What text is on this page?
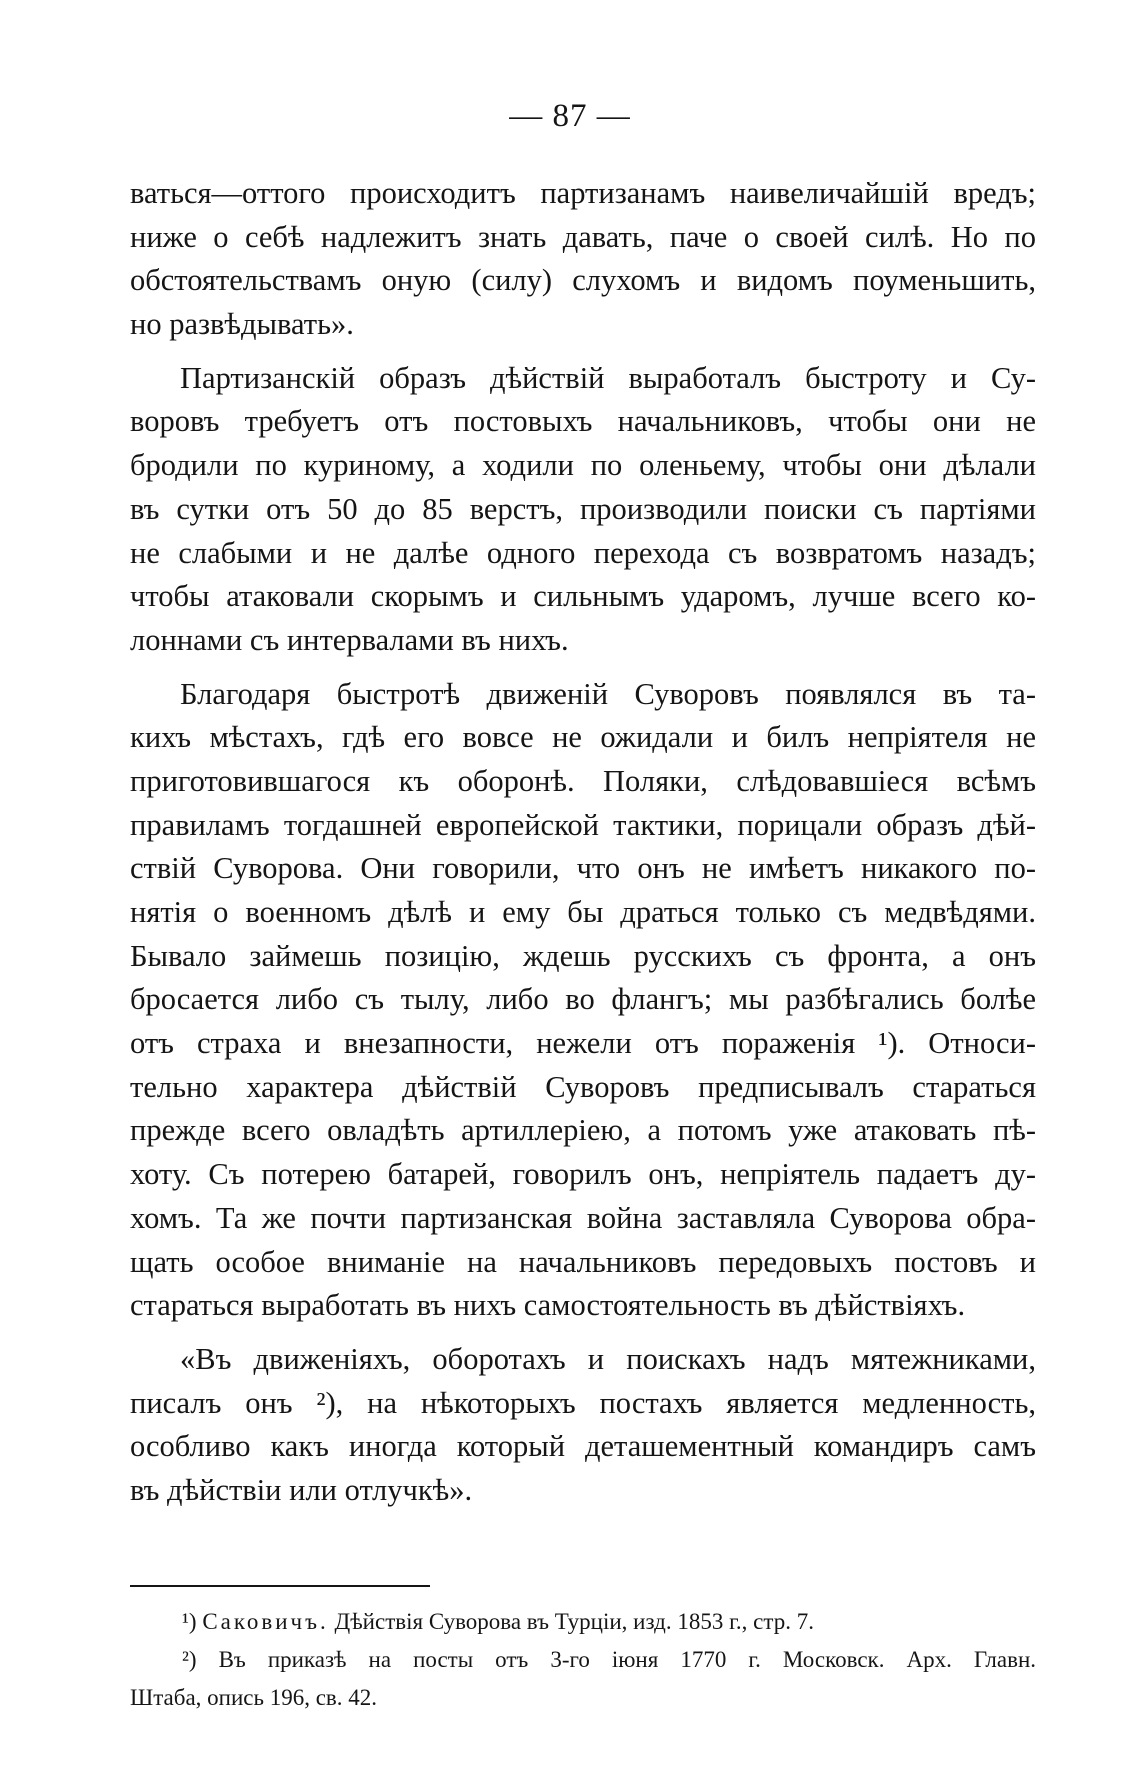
— 87 —

ваться—оттого происходитъ партизанамъ наивеличайшій вредъ;
ниже о себѣ надлежитъ знать давать, паче о своей силѣ. Но по
обстоятельствамъ оную (силу) слухомъ и видомъ поуменьшить,
но развѣдывать».

Партизанскій образъ дѣйствій выработалъ быстроту и Су-
воровъ требуетъ отъ постовыхъ начальниковъ, чтобы они не
бродили по куриному, а ходили по оленьему, чтобы они дѣлали
въ сутки отъ 50 до 85 верстъ, производили поиски съ партіями
не слабыми и не далѣе одного перехода съ возвратомъ назадъ;
чтобы атаковали скорымъ и сильнымъ ударомъ, лучше всего ко-
лоннами съ интервалами въ нихъ.

Благодаря быстротѣ движеній Суворовъ появлялся въ та-
кихъ мѣстахъ, гдѣ его вовсе не ожидали и билъ непріятеля не
приготовившагося къ оборонѣ. Поляки, слѣдовавшіеся всѣмъ
правиламъ тогдашней европейской тактики, порицали образъ дѣй-
ствій Суворова. Они говорили, что онъ не имѣетъ никакого по-
нятія о военномъ дѣлѣ и ему бы драться только съ медвѣдями.
Бывало займешь позицію, ждешь русскихъ съ фронта, а онъ
бросается либо съ тылу, либо во флангъ; мы разбѣгались болѣе
отъ страха и внезапности, нежели отъ пораженія ¹). Относи-
тельно характера дѣйствій Суворовъ предписывалъ стараться
прежде всего овладѣть артиллеріею, а потомъ уже атаковать пѣ-
хоту. Съ потерею батарей, говорилъ онъ, непріятель падаетъ ду-
хомъ. Та же почти партизанская война заставляла Суворова обра-
щать особое вниманіе на начальниковъ передовыхъ постовъ и
стараться выработать въ нихъ самостоятельность въ дѣйствіяхъ.

«Въ движеніяхъ, оборотахъ и поискахъ надъ мятежниками,
писалъ онъ ²), на нѣкоторыхъ постахъ является медленность,
особливо какъ иногда который деташементный командиръ самъ
въ дѣйствіи или отлучкѣ».

¹) Саковичъ. Дѣйствія Суворова въ Турціи, изд. 1853 г., стр. 7.
²) Въ приказѣ на посты отъ 3-го іюня 1770 г. Московск. Арх. Главн.
Штаба, опись 196, св. 42.
